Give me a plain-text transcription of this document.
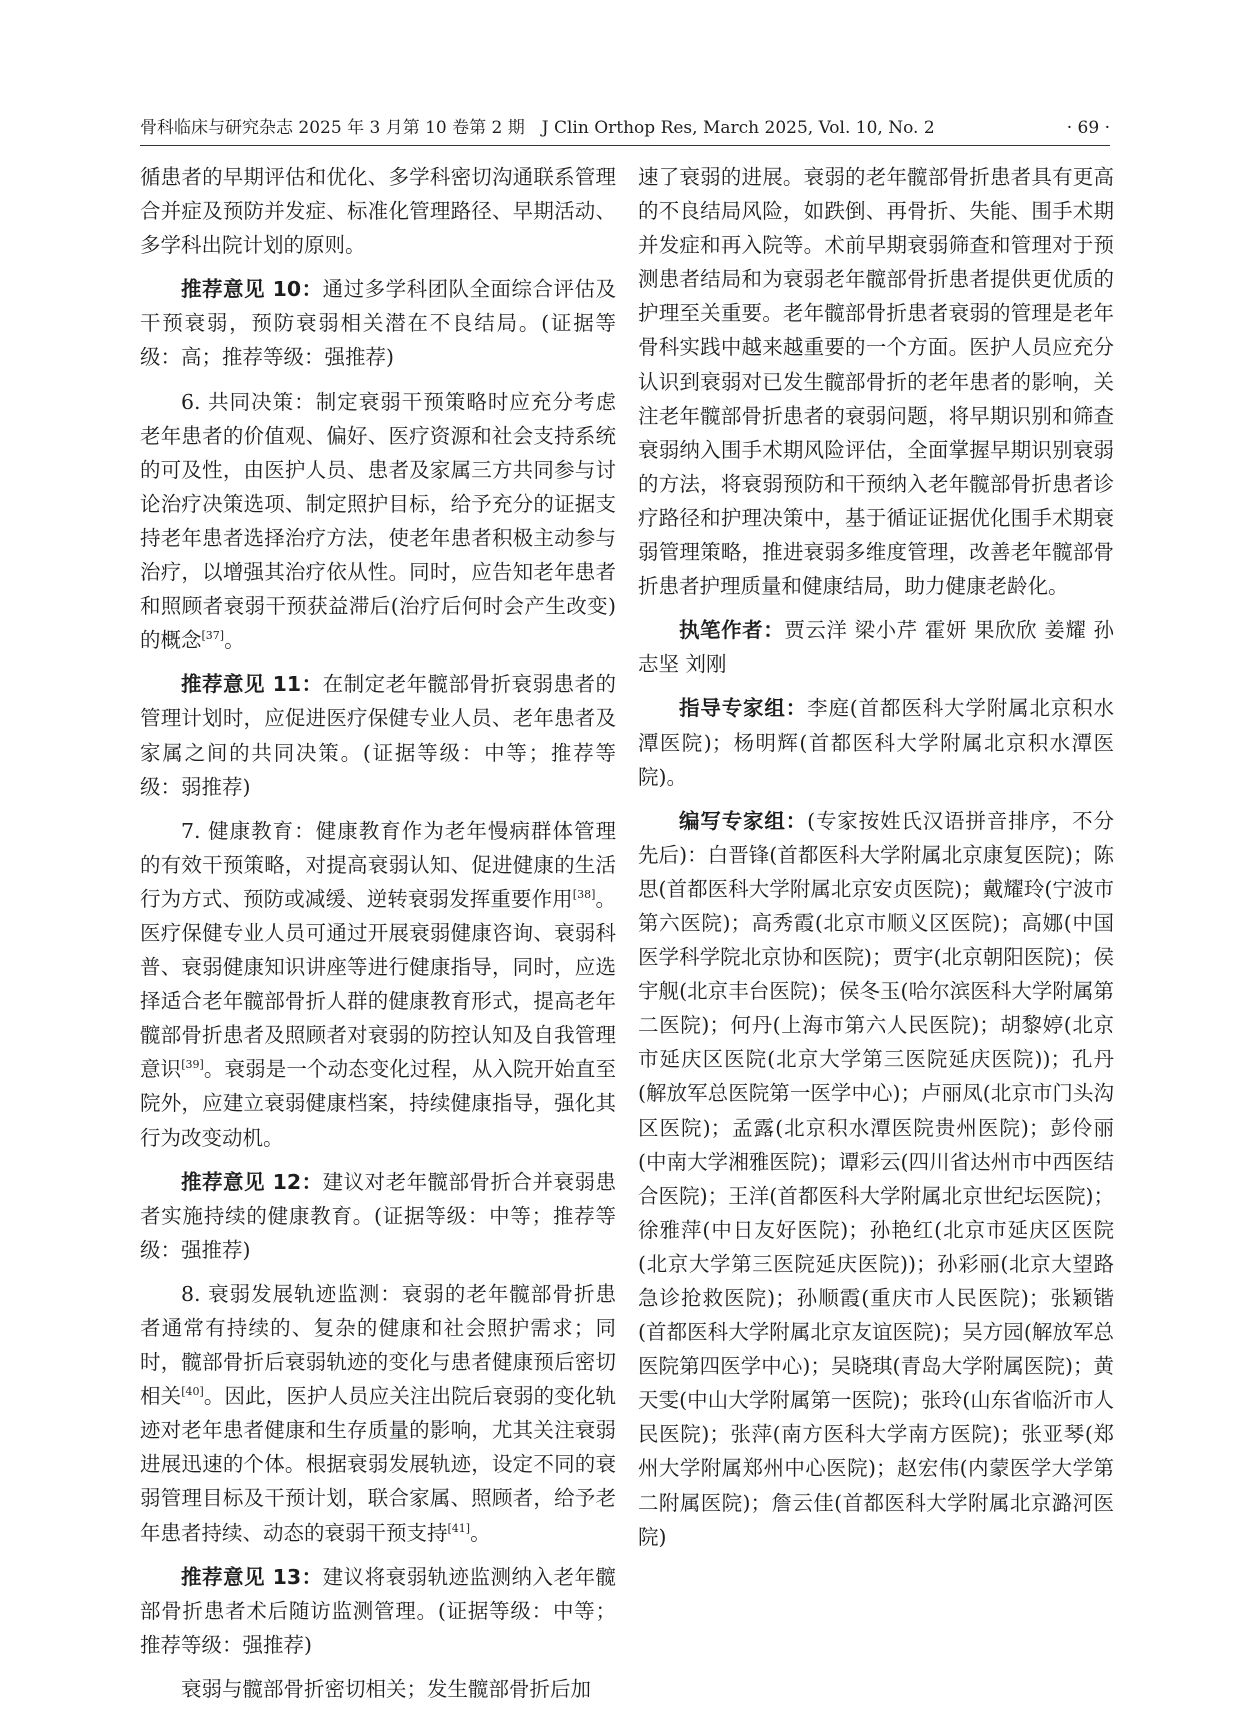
骨科临床与研究杂志 2025 年 3 月第 10 卷第 2 期　J Clin Orthop Res, March 2025, Vol. 10, No. 2	· 69 ·

循患者的早期评估和优化、多学科密切沟通联系管理合并症及预防并发症、标准化管理路径、早期活动、多学科出院计划的原则。

推荐意见 10：通过多学科团队全面综合评估及干预衰弱，预防衰弱相关潜在不良结局。(证据等级：高；推荐等级：强推荐)

6. 共同决策：制定衰弱干预策略时应充分考虑老年患者的价值观、偏好、医疗资源和社会支持系统的可及性，由医护人员、患者及家属三方共同参与讨论治疗决策选项、制定照护目标，给予充分的证据支持老年患者选择治疗方法，使老年患者积极主动参与治疗，以增强其治疗依从性。同时，应告知老年患者和照顾者衰弱干预获益滞后(治疗后何时会产生改变)的概念[37]。

推荐意见 11：在制定老年髋部骨折衰弱患者的管理计划时，应促进医疗保健专业人员、老年患者及家属之间的共同决策。(证据等级：中等；推荐等级：弱推荐)

7. 健康教育：健康教育作为老年慢病群体管理的有效干预策略，对提高衰弱认知、促进健康的生活行为方式、预防或减缓、逆转衰弱发挥重要作用[38]。医疗保健专业人员可通过开展衰弱健康咨询、衰弱科普、衰弱健康知识讲座等进行健康指导，同时，应选择适合老年髋部骨折人群的健康教育形式，提高老年髋部骨折患者及照顾者对衰弱的防控认知及自我管理意识[39]。衰弱是一个动态变化过程，从入院开始直至院外，应建立衰弱健康档案，持续健康指导，强化其行为改变动机。

推荐意见 12：建议对老年髋部骨折合并衰弱患者实施持续的健康教育。(证据等级：中等；推荐等级：强推荐)

8. 衰弱发展轨迹监测：衰弱的老年髋部骨折患者通常有持续的、复杂的健康和社会照护需求；同时，髋部骨折后衰弱轨迹的变化与患者健康预后密切相关[40]。因此，医护人员应关注出院后衰弱的变化轨迹对老年患者健康和生存质量的影响，尤其关注衰弱进展迅速的个体。根据衰弱发展轨迹，设定不同的衰弱管理目标及干预计划，联合家属、照顾者，给予老年患者持续、动态的衰弱干预支持[41]。

推荐意见 13：建议将衰弱轨迹监测纳入老年髋部骨折患者术后随访监测管理。(证据等级：中等；推荐等级：强推荐)

衰弱与髋部骨折密切相关；发生髋部骨折后加

速了衰弱的进展。衰弱的老年髋部骨折患者具有更高的不良结局风险，如跌倒、再骨折、失能、围手术期并发症和再入院等。术前早期衰弱筛查和管理对于预测患者结局和为衰弱老年髋部骨折患者提供更优质的护理至关重要。老年髋部骨折患者衰弱的管理是老年骨科实践中越来越重要的一个方面。医护人员应充分认识到衰弱对已发生髋部骨折的老年患者的影响，关注老年髋部骨折患者的衰弱问题，将早期识别和筛查衰弱纳入围手术期风险评估，全面掌握早期识别衰弱的方法，将衰弱预防和干预纳入老年髋部骨折患者诊疗路径和护理决策中，基于循证证据优化围手术期衰弱管理策略，推进衰弱多维度管理，改善老年髋部骨折患者护理质量和健康结局，助力健康老龄化。

执笔作者：贾云洋 梁小芹 霍妍 果欣欣 姜耀 孙志坚 刘刚

指导专家组：李庭(首都医科大学附属北京积水潭医院)；杨明辉(首都医科大学附属北京积水潭医院)。

编写专家组：(专家按姓氏汉语拼音排序，不分先后)：白晋锋(首都医科大学附属北京康复医院)；陈思(首都医科大学附属北京安贞医院)；戴耀玲(宁波市第六医院)；高秀霞(北京市顺义区医院)；高娜(中国医学科学院北京协和医院)；贾宇(北京朝阳医院)；侯宇舰(北京丰台医院)；侯冬玉(哈尔滨医科大学附属第二医院)；何丹(上海市第六人民医院)；胡黎婷(北京市延庆区医院(北京大学第三医院延庆医院))；孔丹(解放军总医院第一医学中心)；卢丽凤(北京市门头沟区医院)；孟露(北京积水潭医院贵州医院)；彭伶丽(中南大学湘雅医院)；谭彩云(四川省达州市中西医结合医院)；王洋(首都医科大学附属北京世纪坛医院)；徐雅萍(中日友好医院)；孙艳红(北京市延庆区医院(北京大学第三医院延庆医院))；孙彩丽(北京大望路急诊抢救医院)；孙顺霞(重庆市人民医院)；张颖锴(首都医科大学附属北京友谊医院)；吴方园(解放军总医院第四医学中心)；吴晓琪(青岛大学附属医院)；黄天雯(中山大学附属第一医院)；张玲(山东省临沂市人民医院)；张萍(南方医科大学南方医院)；张亚琴(郑州大学附属郑州中心医院)；赵宏伟(内蒙医学大学第二附属医院)；詹云佳(首都医科大学附属北京潞河医院)
